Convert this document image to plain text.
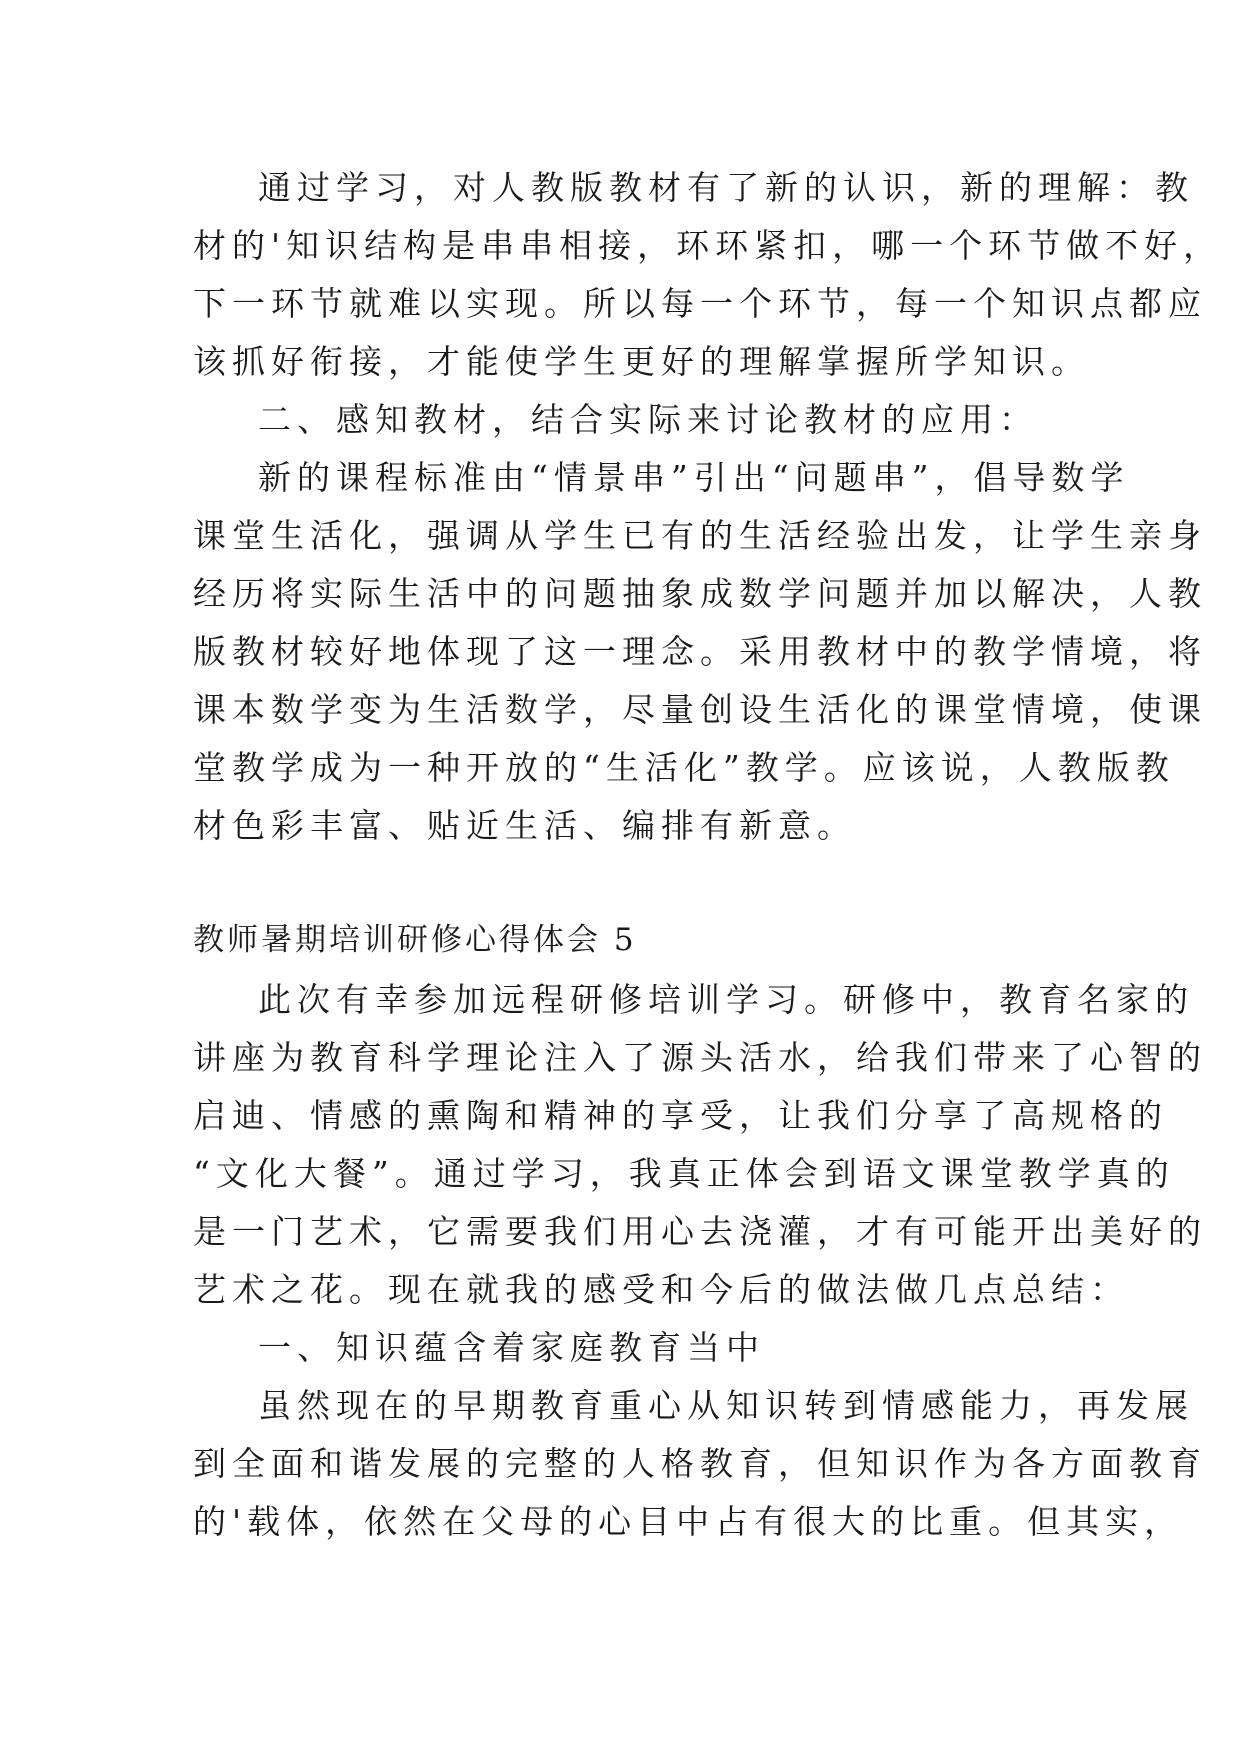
通过学习，对人教版教材有了新的认识，新的理解：教
材的'知识结构是串串相接，环环紧扣，哪一个环节做不好，
下一环节就难以实现。所以每一个环节，每一个知识点都应
该抓好衔接，才能使学生更好的理解掌握所学知识。
二、感知教材，结合实际来讨论教材的应用：
新的课程标准由“情景串”引出“问题串”，倡导数学
课堂生活化，强调从学生已有的生活经验出发，让学生亲身
经历将实际生活中的问题抽象成数学问题并加以解决，人教
版教材较好地体现了这一理念。采用教材中的教学情境，将
课本数学变为生活数学，尽量创设生活化的课堂情境，使课
堂教学成为一种开放的“生活化”教学。应该说，人教版教
材色彩丰富、贴近生活、编排有新意。
教师暑期培训研修心得体会 5
此次有幸参加远程研修培训学习。研修中，教育名家的
讲座为教育科学理论注入了源头活水，给我们带来了心智的
启迪、情感的熏陶和精神的享受，让我们分享了高规格的
“文化大餐”。通过学习，我真正体会到语文课堂教学真的
是一门艺术，它需要我们用心去浇灌，才有可能开出美好的
艺术之花。现在就我的感受和今后的做法做几点总结：
一、知识蕴含着家庭教育当中
虽然现在的早期教育重心从知识转到情感能力，再发展
到全面和谐发展的完整的人格教育，但知识作为各方面教育
的'载体，依然在父母的心目中占有很大的比重。但其实，
